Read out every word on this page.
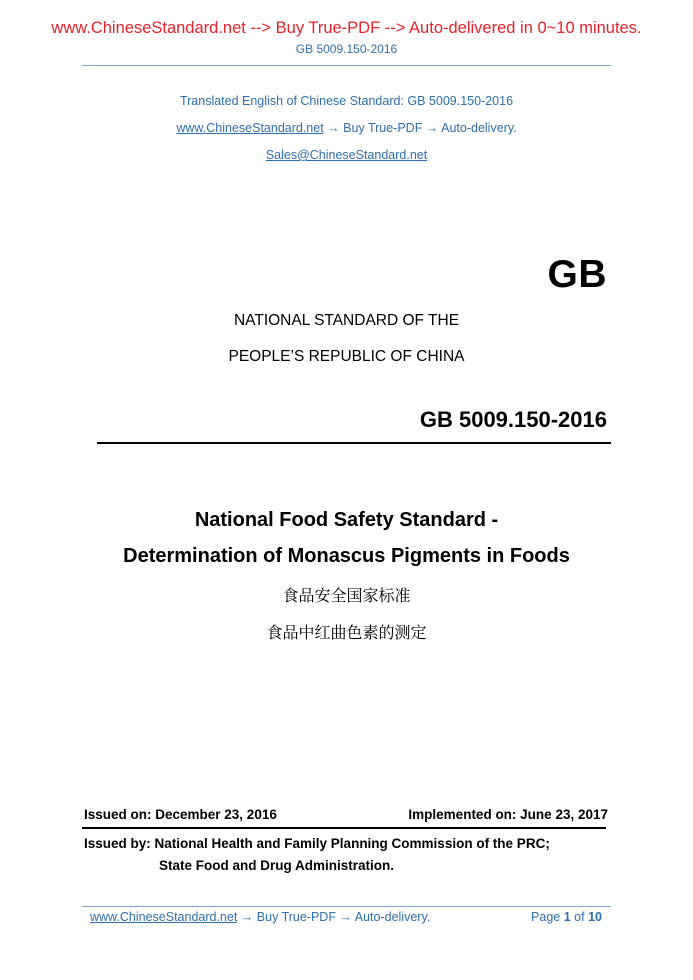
www.ChineseStandard.net --> Buy True-PDF --> Auto-delivered in 0~10 minutes.
GB 5009.150-2016
Translated English of Chinese Standard: GB 5009.150-2016
www.ChineseStandard.net → Buy True-PDF → Auto-delivery.
Sales@ChineseStandard.net
GB
NATIONAL STANDARD OF THE
PEOPLE’S REPUBLIC OF CHINA
GB 5009.150-2016
National Food Safety Standard -
Determination of Monascus Pigments in Foods
食品安全国家标准
食品中红曲色素的测定
Issued on: December 23, 2016	Implemented on: June 23, 2017
Issued by: National Health and Family Planning Commission of the PRC;
State Food and Drug Administration.
www.ChineseStandard.net → Buy True-PDF → Auto-delivery.	Page 1 of 10
